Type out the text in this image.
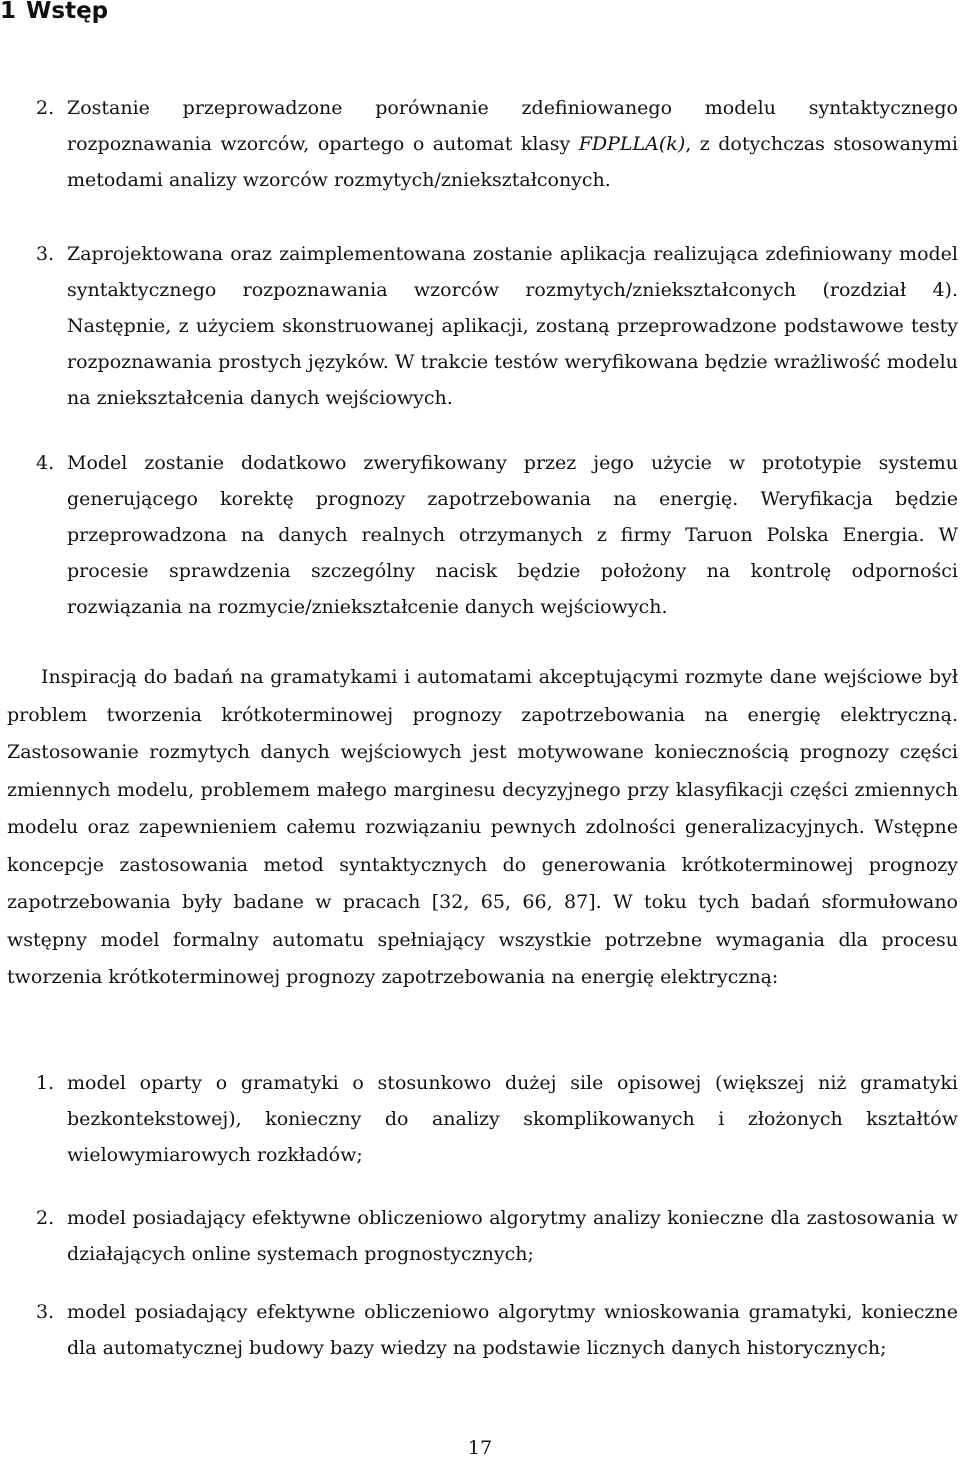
1 Wstęp
2. Zostanie przeprowadzone porównanie zdefiniowanego modelu syntaktycznego rozpoznawania wzorców, opartego o automat klasy FDPLLA(k), z dotychczas stosowanymi metodami analizy wzorców rozmytych/zniekształconych.
3. Zaprojektowana oraz zaimplementowana zostanie aplikacja realizująca zdefiniowany model syntaktycznego rozpoznawania wzorców rozmytych/zniekształconych (rozdział 4). Następnie, z użyciem skonstruowanej aplikacji, zostaną przeprowadzone podstawowe testy rozpoznawania prostych języków. W trakcie testów weryfikowana będzie wrażliwość modelu na zniekształcenia danych wejściowych.
4. Model zostanie dodatkowo zweryfikowany przez jego użycie w prototypie systemu generującego korektę prognozy zapotrzebowania na energię. Weryfikacja będzie przeprowadzona na danych realnych otrzymanych z firmy Taruon Polska Energia. W procesie sprawdzenia szczególny nacisk będzie położony na kontrolę odporności rozwiązania na rozmycie/zniekształcenie danych wejściowych.
Inspiracją do badań na gramatykami i automatami akceptującymi rozmyte dane wejściowe był problem tworzenia krótkoterminowej prognozy zapotrzebowania na energię elektryczną. Zastosowanie rozmytych danych wejściowych jest motywowane koniecznością prognozy części zmiennych modelu, problemem małego marginesu decyzyjnego przy klasyfikacji części zmiennych modelu oraz zapewnieniem całemu rozwiązaniu pewnych zdolności generalizacyjnych. Wstępne koncepcje zastosowania metod syntaktycznych do generowania krótkoterminowej prognozy zapotrzebowania były badane w pracach [32, 65, 66, 87]. W toku tych badań sformułowano wstępny model formalny automatu spełniający wszystkie potrzebne wymagania dla procesu tworzenia krótkoterminowej prognozy zapotrzebowania na energię elektryczną:
1. model oparty o gramatyki o stosunkowo dużej sile opisowej (większej niż gramatyki bezkontekstowej), konieczny do analizy skomplikowanych i złożonych kształtów wielowymiarowych rozkładów;
2. model posiadający efektywne obliczeniowo algorytmy analizy konieczne dla zastosowania w działających online systemach prognostycznych;
3. model posiadający efektywne obliczeniowo algorytmy wnioskowania gramatyki, konieczne dla automatycznej budowy bazy wiedzy na podstawie licznych danych historycznych;
17
